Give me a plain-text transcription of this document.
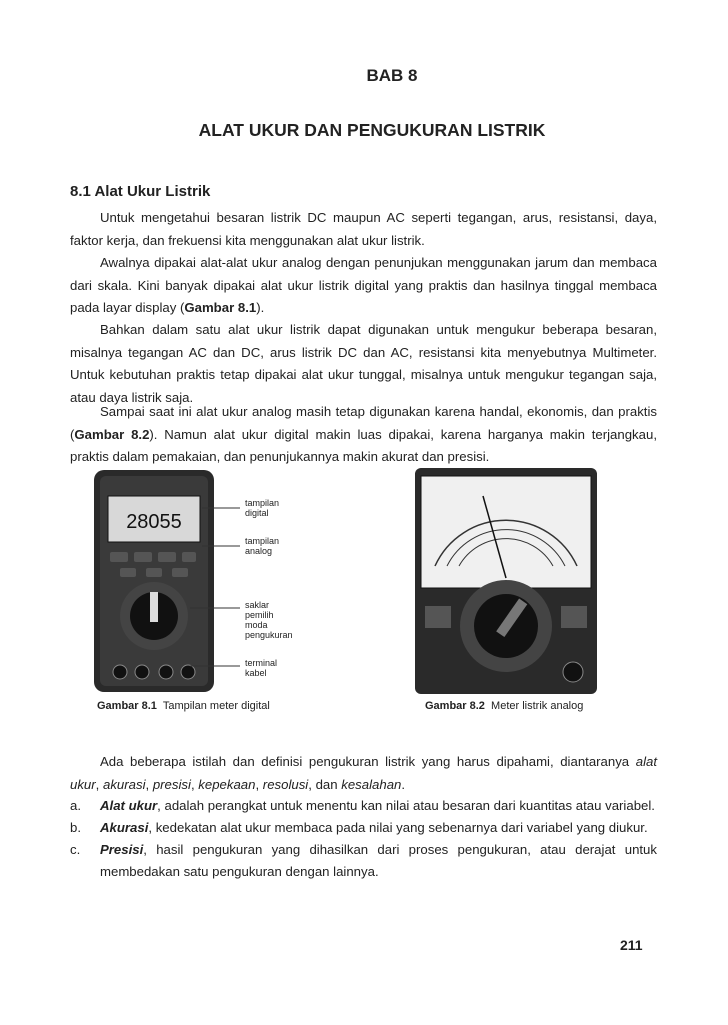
BAB 8
ALAT UKUR DAN PENGUKURAN LISTRIK
8.1 Alat Ukur Listrik
Untuk mengetahui besaran listrik DC maupun AC seperti tegangan, arus, resistansi, daya, faktor kerja, dan frekuensi kita menggunakan alat ukur listrik.
Awalnya dipakai alat-alat ukur analog dengan penunjukan menggunakan jarum dan membaca dari skala. Kini banyak dipakai alat ukur listrik digital yang praktis dan hasilnya tinggal membaca pada layar display (Gambar 8.1).
Bahkan dalam satu alat ukur listrik dapat digunakan untuk mengukur beberapa besaran, misalnya tegangan AC dan DC, arus listrik DC dan AC, resistansi kita menyebutnya Multimeter. Untuk kebutuhan praktis tetap dipakai alat ukur tunggal, misalnya untuk mengukur tegangan saja, atau daya listrik saja.
Sampai saat ini alat ukur analog masih tetap digunakan karena handal, ekonomis, dan praktis (Gambar 8.2). Namun alat ukur digital makin luas dipakai, karena harganya makin terjangkau, praktis dalam pemakaian, dan penunjukannya makin akurat dan presisi.
28055
tampilan
digital
tampilan
analog
saklar
pemilih
moda
pengukuran
terminal
kabel
Gambar 8.1 Tampilan meter digital	Gambar 8.2 Meter listrik analog
Ada beberapa istilah dan definisi pengukuran listrik yang harus dipahami, diantaranya alat ukur, akurasi, presisi, kepekaan, resolusi, dan kesalahan.
a. Alat ukur, adalah perangkat untuk menentu kan nilai atau besaran dari kuantitas atau variabel.
b. Akurasi, kedekatan alat ukur membaca pada nilai yang sebenarnya dari variabel yang diukur.
c. Presisi, hasil pengukuran yang dihasilkan dari proses pengukuran, atau derajat untuk membedakan satu pengukuran dengan lainnya.
211
